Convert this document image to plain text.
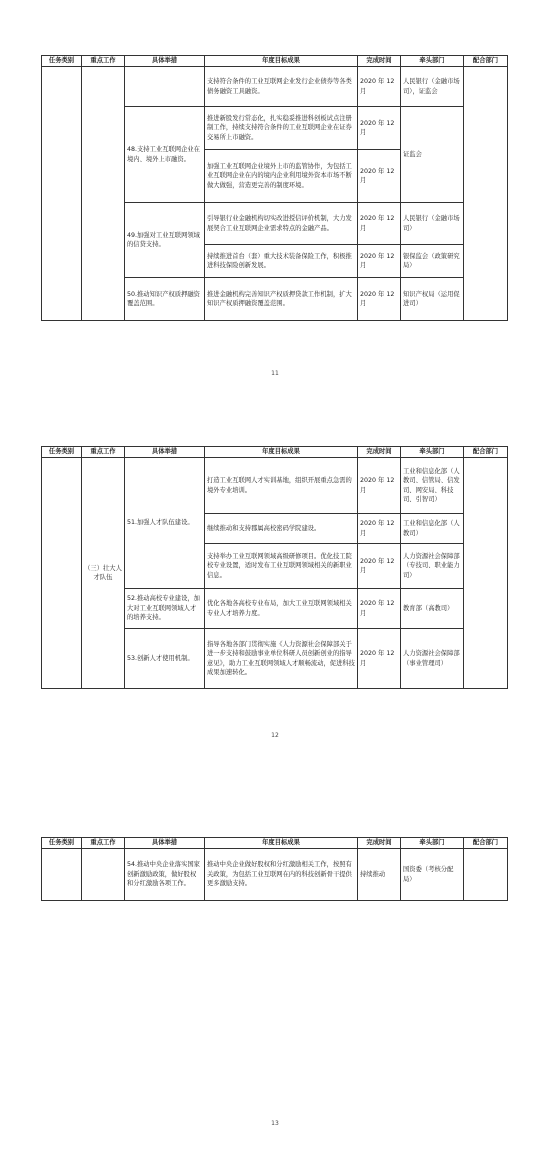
任务类别	重点工作	具体举措	年度目标成果	完成时间	牵头部门	配合部门
			支持符合条件的工业互联网企业发行企业债券等各类债务融资工具融资。	2020 年 12 月	人民银行（金融市场司），证监会	
		48.支持工业互联网企业在境内、境外上市融资。	推进新股发行常态化，扎实稳妥推进科创板试点注册制工作，持续支持符合条件的工业互联网企业在证券交易所上市融资。	2020 年 12 月	证监会	
			加强工业互联网企业境外上市的监管协作，为包括工业互联网企业在内的境内企业利用境外资本市场不断做大做强，营造更完善的制度环境。	2020 年 12 月		
		49.加强对工业互联网领域的信贷支持。	引导银行业金融机构切实改进授信评价机制，大力发展契合工业互联网企业需求特点的金融产品。	2020 年 12 月	人民银行（金融市场司）	
			持续推进首台（套）重大技术装备保险工作，积极推进科技保险创新发展。	2020 年 12 月	银保监会（政策研究局）	
		50.推动知识产权质押融资覆盖范围。	推进金融机构完善知识产权质押贷款工作机制，扩大知识产权质押融资覆盖范围。	2020 年 12 月	知识产权局（运用促进司）	
11
任务类别	重点工作	具体举措	年度目标成果	完成时间	牵头部门	配合部门
	（三）壮大人才队伍	51.加强人才队伍建设。	打造工业互联网人才实训基地，组织开展重点急需的境外专业培训。	2020 年 12 月	工业和信息化部（人教司、信管局、信发司、网安局、科技司、引智司）	
			继续推动和支持郡属高校密码学院建设。	2020 年 12 月	工业和信息化部（人教司）	
			支持举办工业互联网领域高级研修项目。优化技工院校专业设置，适时发布工业互联网领域相关的新职业信息。	2020 年 12 月	人力资源社会保障部（专技司、职业能力司）	
		52.推动高校专业建设，加大对工业互联网领域人才的培养支持。	优化各地各高校专业布局，加大工业互联网领域相关专业人才培养力度。	2020 年 12 月	教育部（高教司）	
		53.创新人才使用机制。	指导各地各部门贯彻实施《人力资源社会保障部关于进一步支持和鼓励事业单位科研人员创新创业的指导意见》，助力工业互联网领域人才顺畅流动，促进科技成果加速转化。	2020 年 12 月	人力资源社会保障部（事业管理司）	
12
任务类别	重点工作	具体举措	年度目标成果	完成时间	牵头部门	配合部门
		54.推动中央企业落实国家创新激励政策，做好股权和分红激励各项工作。	推动中央企业做好股权和分红激励相关工作，按照有关政策，为包括工业互联网在内的科技创新骨干提供更多激励支持。	持续推动	国资委（考核分配局）	
13
